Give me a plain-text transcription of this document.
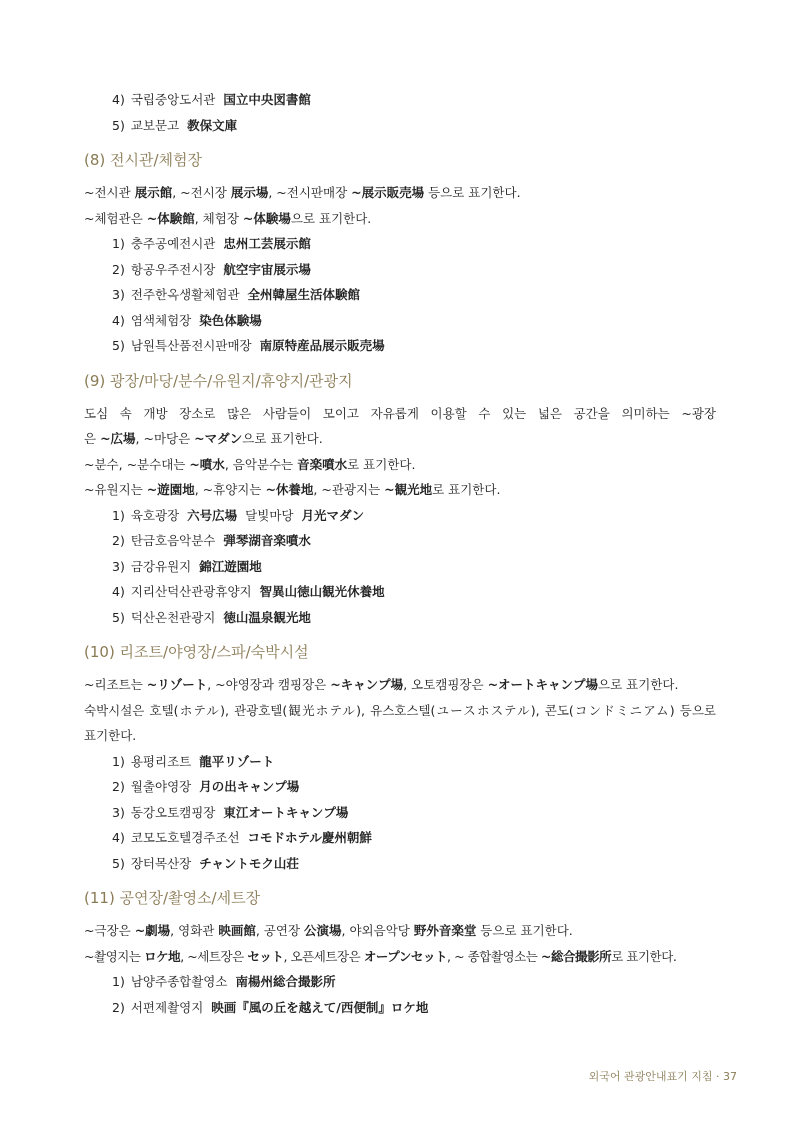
4) 국립중앙도서관 国立中央図書館
5) 교보문고 教保文庫
(8) 전시관/체험장
~전시관 展示館, ~전시장 展示場, ~전시판매장 ~展示販売場 등으로 표기한다.
~체험관은 ~体験館, 체험장 ~体験場으로 표기한다.
1) 충주공예전시관 忠州工芸展示館
2) 항공우주전시장 航空宇宙展示場
3) 전주한옥생활체험관 全州韓屋生活体験館
4) 염색체험장 染色体験場
5) 남원특산품전시판매장 南原特産品展示販売場
(9) 광장/마당/분수/유원지/휴양지/관광지
도심 속 개방 장소로 많은 사람들이 모이고 자유롭게 이용할 수 있는 넓은 공간을 의미하는 ~광장
은 ~広場, ~마당은 ~マダン으로 표기한다.
~분수, ~분수대는 ~噴水, 음악분수는 音楽噴水로 표기한다.
~유원지는 ~遊園地, ~휴양지는 ~休養地, ~관광지는 ~観光地로 표기한다.
1) 육호광장 六号広場 달빛마당 月光マダン
2) 탄금호음악분수 弾琴湖音楽噴水
3) 금강유원지 錦江遊園地
4) 지리산덕산관광휴양지 智異山徳山観光休養地
5) 덕산온천관광지 徳山温泉観光地
(10) 리조트/야영장/스파/숙박시설
~리조트는 ~リゾート, ~야영장과 캠핑장은 ~キャンプ場, 오토캠핑장은 ~オートキャンプ場으로 표기한다.
숙박시설은 호텔(ホテル), 관광호텔(観光ホテル), 유스호스텔(ユースホステル), 콘도(コンドミニアム) 등으로
표기한다.
1) 용평리조트 龍平リゾート
2) 월출야영장 月の出キャンプ場
3) 동강오토캠핑장 東江オートキャンプ場
4) 코모도호텔경주조선 コモドホテル慶州朝鮮
5) 장터목산장 チャントモク山荘
(11) 공연장/촬영소/세트장
~극장은 ~劇場, 영화관 映画館, 공연장 公演場, 야외음악당 野外音楽堂 등으로 표기한다.
~촬영지는 ロケ地, ~세트장은 セット, 오픈세트장은 オープンセット, ~ 종합촬영소는 ~総合撮影所로 표기한다.
1) 남양주종합촬영소 南楊州総合撮影所
2) 서편제촬영지 映画『風の丘を越えて/西便制』ロケ地
외국어 관광안내표기 지침 · 37
